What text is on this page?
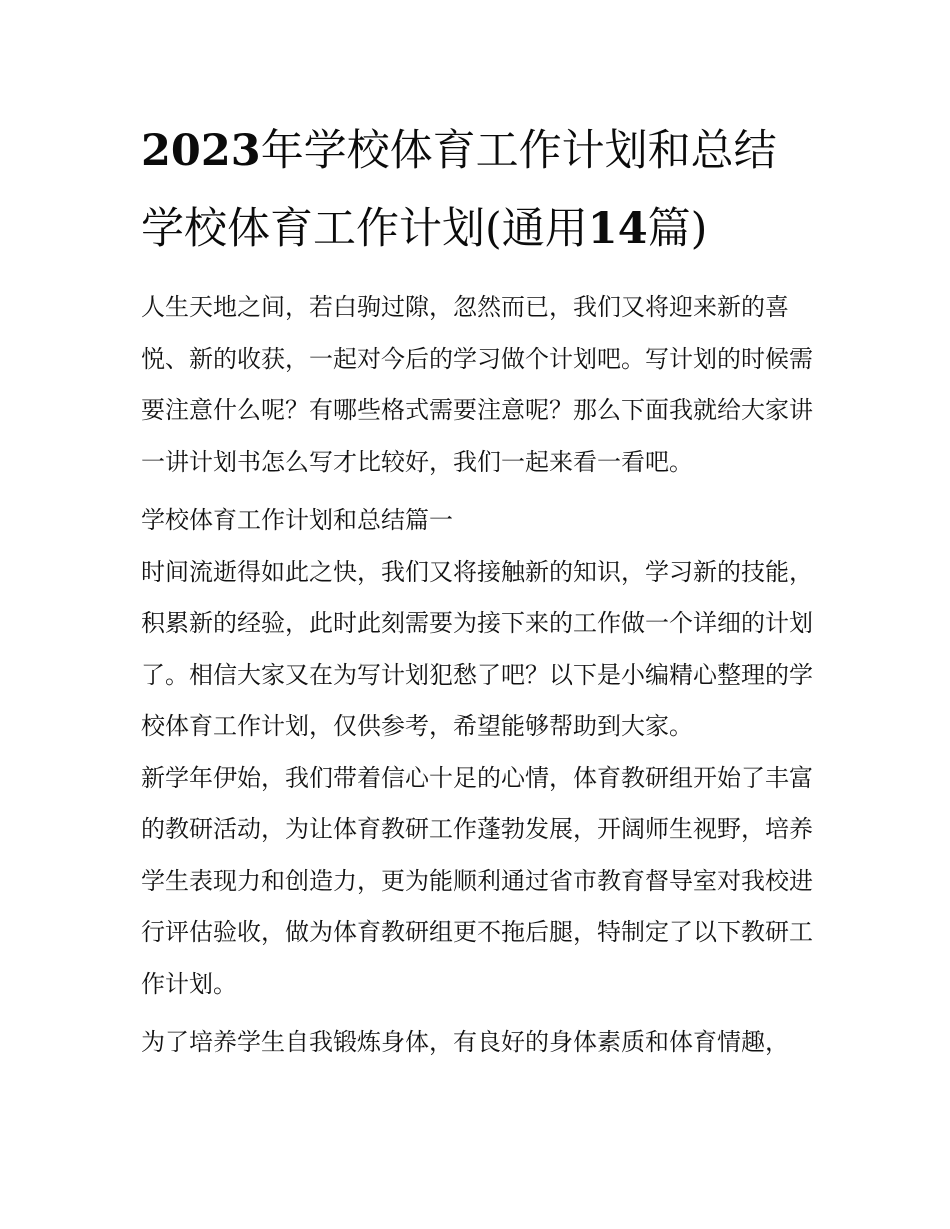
2023年学校体育工作计划和总结 学校体育工作计划(通用14篇)

人生天地之间，若白驹过隙，忽然而已，我们又将迎来新的喜悦、新的收获，一起对今后的学习做个计划吧。写计划的时候需要注意什么呢？有哪些格式需要注意呢？那么下面我就给大家讲一讲计划书怎么写才比较好，我们一起来看一看吧。

学校体育工作计划和总结篇一

时间流逝得如此之快，我们又将接触新的知识，学习新的技能，积累新的经验，此时此刻需要为接下来的工作做一个详细的计划了。相信大家又在为写计划犯愁了吧？以下是小编精心整理的学校体育工作计划，仅供参考，希望能够帮助到大家。

新学年伊始，我们带着信心十足的心情，体育教研组开始了丰富的教研活动，为让体育教研工作蓬勃发展，开阔师生视野，培养学生表现力和创造力，更为能顺利通过省市教育督导室对我校进行评估验收，做为体育教研组更不拖后腿，特制定了以下教研工作计划。

为了培养学生自我锻炼身体，有良好的身体素质和体育情趣，
